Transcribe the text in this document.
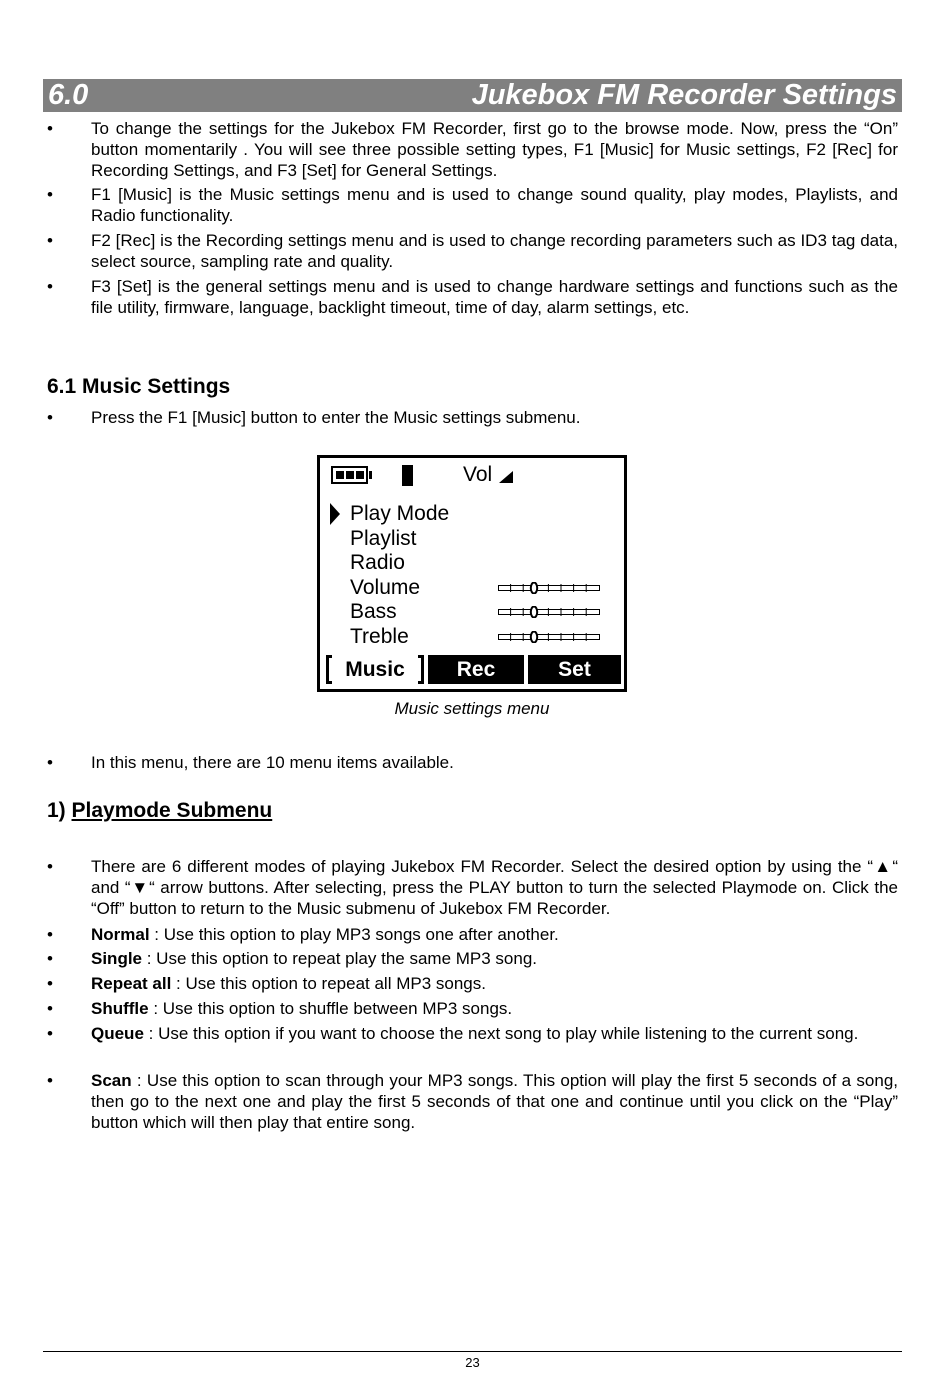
6.0	Jukebox FM Recorder Settings
• To change the settings for the Jukebox FM Recorder, first go to the browse mode. Now, press the “On” button momentarily . You will see three possible setting types, F1 [Music] for Music settings, F2 [Rec] for Recording Settings, and F3 [Set] for General Settings.
• F1 [Music] is the Music settings menu and is used to change sound quality, play modes, Playlists, and Radio functionality.
• F2 [Rec] is the Recording settings menu and is used to change recording parameters such as ID3 tag data, select source, sampling rate and quality.
• F3 [Set] is the general settings menu and is used to change hardware settings and functions such as the file utility, firmware, language, backlight timeout, time of day, alarm settings, etc.
6.1 Music Settings
• Press the F1 [Music] button to enter the Music settings submenu.
Vol
Play Mode
Playlist
Radio
Volume
Bass
Treble
Music	Rec	Set
Music settings menu
• In this menu, there are 10 menu items available.
1) Playmode Submenu
• There are 6 different modes of playing Jukebox FM Recorder. Select the desired option by using the “▲“ and “▼“ arrow buttons. After selecting, press the PLAY button to turn the selected Playmode on. Click the “Off” button to return to the Music submenu of Jukebox FM Recorder.
• Normal : Use this option to play MP3 songs one after another.
• Single : Use this option to repeat play the same MP3 song.
• Repeat all : Use this option to repeat all MP3 songs.
• Shuffle : Use this option to shuffle between MP3 songs.
• Queue : Use this option if you want to choose the next song to play while listening to the current song.
• Scan : Use this option to scan through your MP3 songs. This option will play the first 5 seconds of a song, then go to the next one and play the first 5 seconds of that one and continue until you click on the “Play” button which will then play that entire song.
23
